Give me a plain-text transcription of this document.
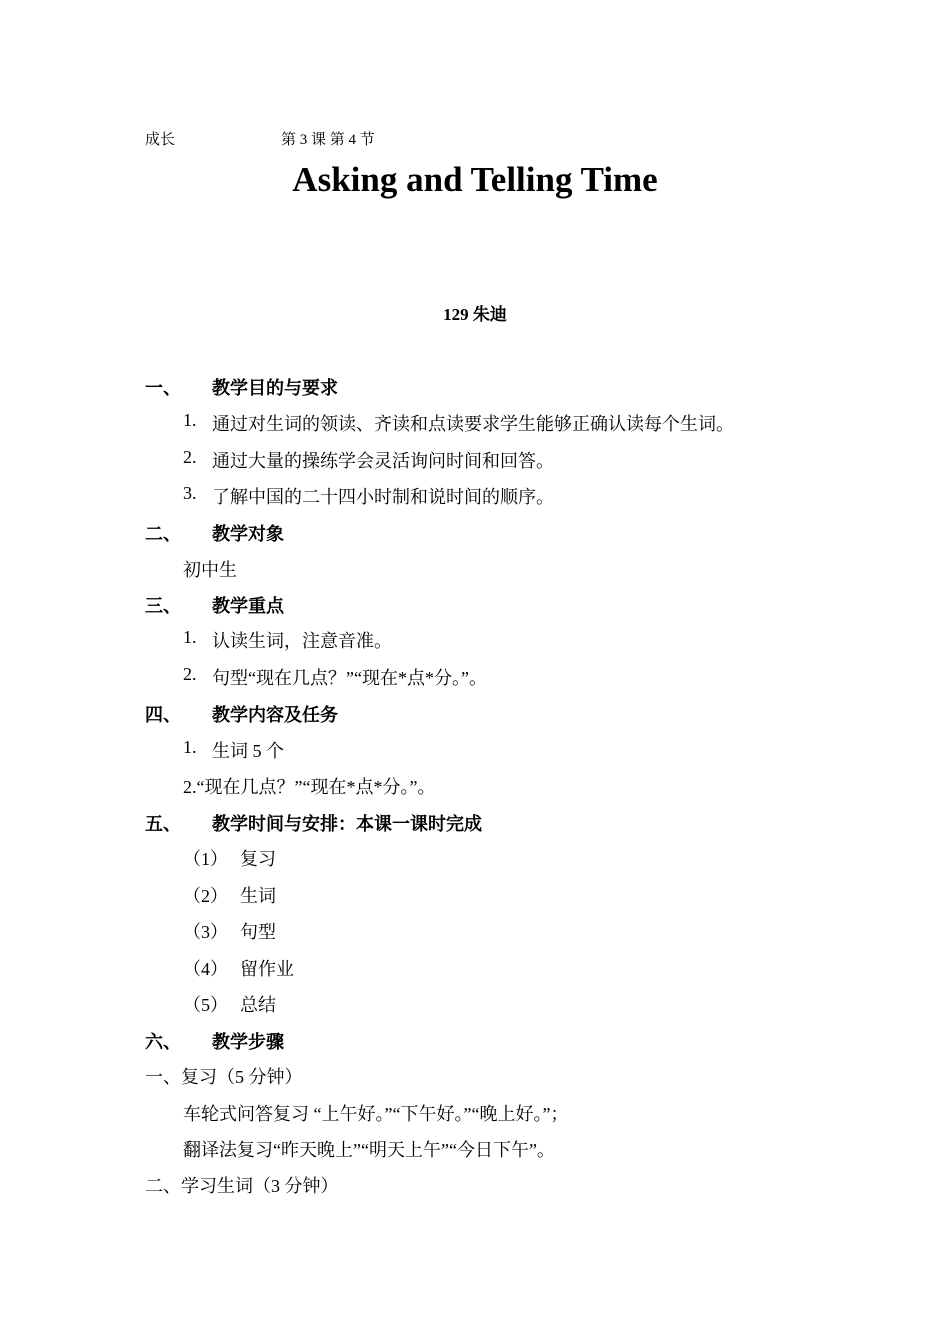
成长	第 3 课 第 4 节
Asking and Telling Time
129 朱迪
一、 教学目的与要求
1. 通过对生词的领读、齐读和点读要求学生能够正确认读每个生词。
2. 通过大量的操练学会灵活询问时间和回答。
3. 了解中国的二十四小时制和说时间的顺序。
二、 教学对象
初中生
三、 教学重点
1. 认读生词，注意音准。
2. 句型“现在几点？”“现在*点*分。”。
四、 教学内容及任务
1. 生词 5 个
2.“现在几点？”“现在*点*分。”。
五、 教学时间与安排：本课一课时完成
（1） 复习
（2） 生词
（3） 句型
（4） 留作业
（5） 总结
六、 教学步骤
一、复习（5 分钟）
车轮式问答复习 “上午好。”“下午好。”“晚上好。”；
翻译法复习“昨天晚上”“明天上午”“今日下午”。
二、学习生词（3 分钟）
